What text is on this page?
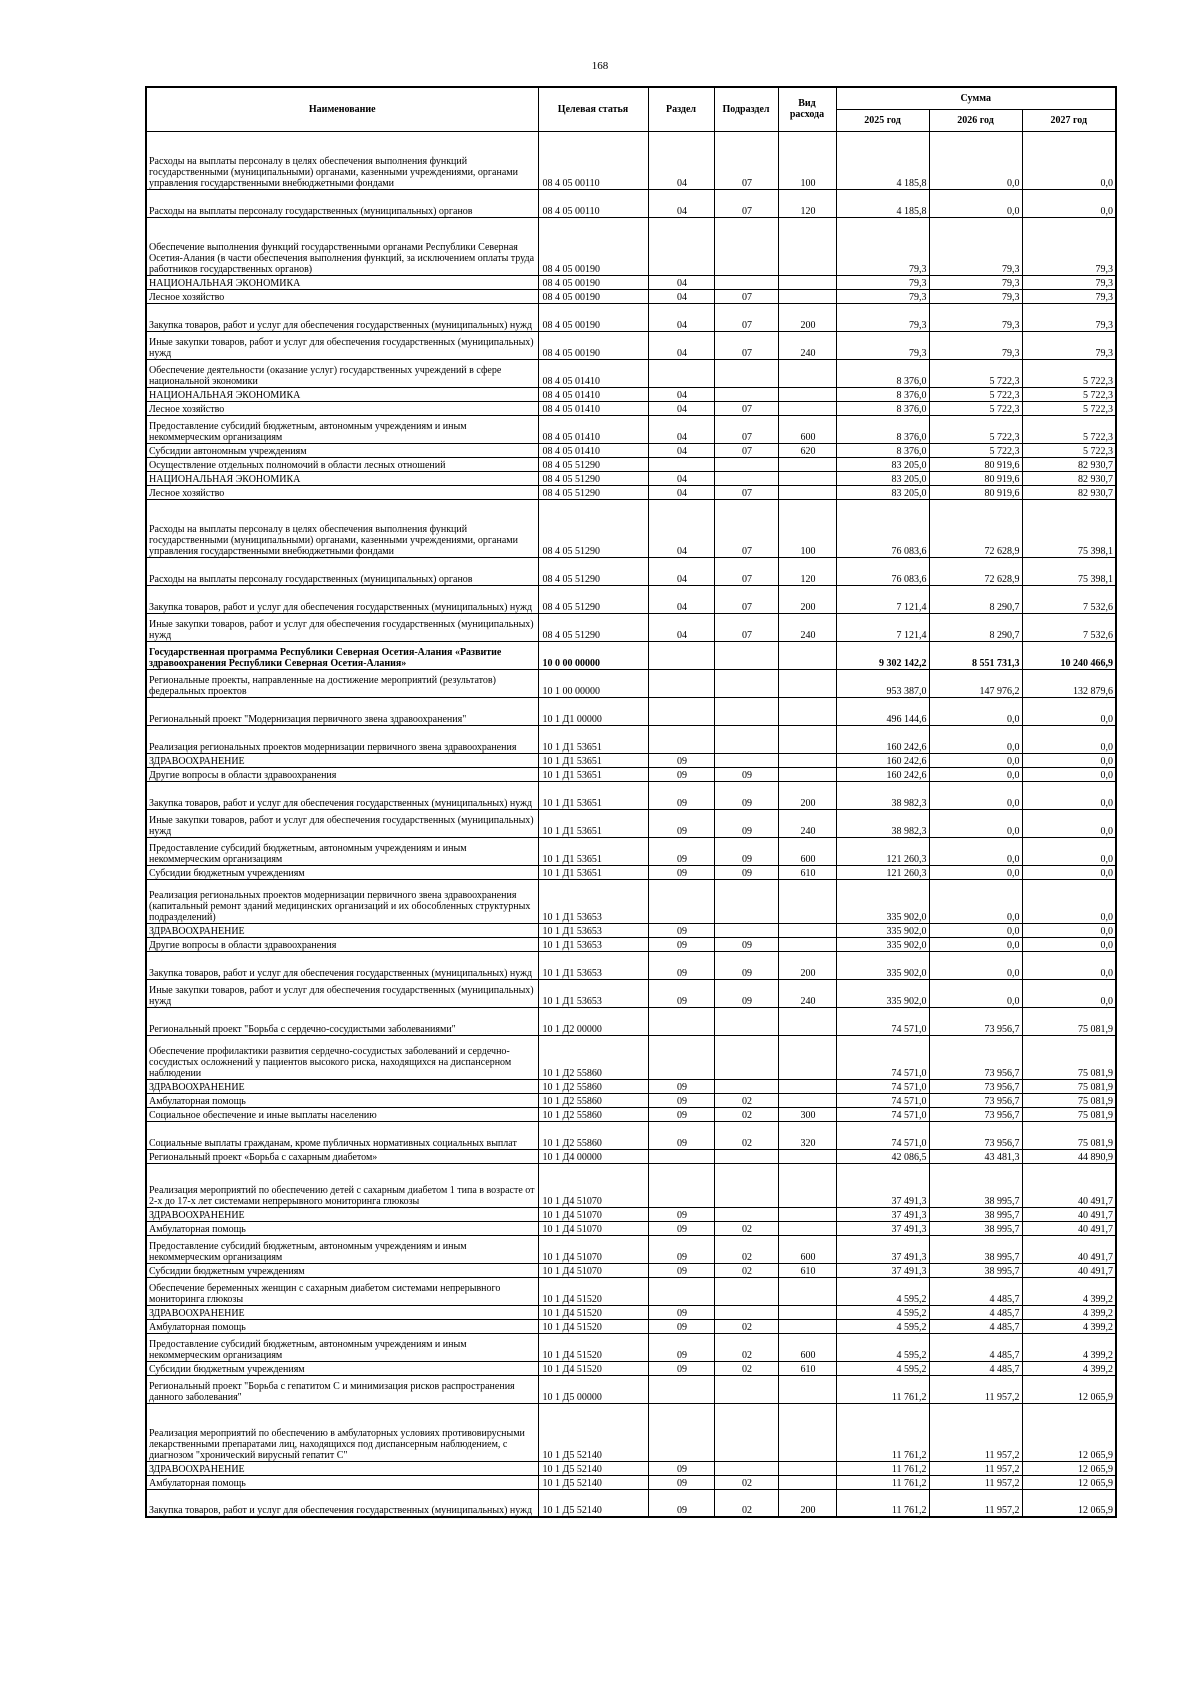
168
Наименование	Целевая статья	Раздел	Подраздел	Вид расхода	Сумма		
					2025 год	2026 год	2027 год
Расходы на выплаты персоналу в целях обеспечения выполнения функций государственными (муниципальными) органами, казенными учреждениями, органами управления государственными внебюджетными фондами	08 4 05 00110	04	07	100	4 185,8	0,0	0,0
Расходы на выплаты персоналу государственных (муниципальных) органов	08 4 05 00110	04	07	120	4 185,8	0,0	0,0
Обеспечение выполнения функций государственными органами Республики Северная Осетия-Алания (в части обеспечения выполнения функций, за исключением оплаты труда работников государственных органов)	08 4 05 00190				79,3	79,3	79,3
НАЦИОНАЛЬНАЯ ЭКОНОМИКА	08 4 05 00190	04			79,3	79,3	79,3
Лесное хозяйство	08 4 05 00190	04	07		79,3	79,3	79,3
Закупка товаров, работ и услуг для обеспечения государственных (муниципальных) нужд	08 4 05 00190	04	07	200	79,3	79,3	79,3
Иные закупки товаров, работ и услуг для обеспечения государственных (муниципальных) нужд	08 4 05 00190	04	07	240	79,3	79,3	79,3
Обеспечение деятельности (оказание услуг) государственных учреждений в сфере национальной экономики	08 4 05 01410				8 376,0	5 722,3	5 722,3
НАЦИОНАЛЬНАЯ ЭКОНОМИКА	08 4 05 01410	04			8 376,0	5 722,3	5 722,3
Лесное хозяйство	08 4 05 01410	04	07		8 376,0	5 722,3	5 722,3
Предоставление субсидий бюджетным, автономным учреждениям и иным некоммерческим организациям	08 4 05 01410	04	07	600	8 376,0	5 722,3	5 722,3
Субсидии автономным учреждениям	08 4 05 01410	04	07	620	8 376,0	5 722,3	5 722,3
Осуществление отдельных полномочий в области лесных отношений	08 4 05 51290				83 205,0	80 919,6	82 930,7
НАЦИОНАЛЬНАЯ ЭКОНОМИКА	08 4 05 51290	04			83 205,0	80 919,6	82 930,7
Лесное хозяйство	08 4 05 51290	04	07		83 205,0	80 919,6	82 930,7
Расходы на выплаты персоналу в целях обеспечения выполнения функций государственными (муниципальными) органами, казенными учреждениями, органами управления государственными внебюджетными фондами	08 4 05 51290	04	07	100	76 083,6	72 628,9	75 398,1
Расходы на выплаты персоналу государственных (муниципальных) органов	08 4 05 51290	04	07	120	76 083,6	72 628,9	75 398,1
Закупка товаров, работ и услуг для обеспечения государственных (муниципальных) нужд	08 4 05 51290	04	07	200	7 121,4	8 290,7	7 532,6
Иные закупки товаров, работ и услуг для обеспечения государственных (муниципальных) нужд	08 4 05 51290	04	07	240	7 121,4	8 290,7	7 532,6
Государственная программа Республики Северная Осетия-Алания «Развитие здравоохранения Республики Северная Осетия-Алания»	10 0 00 00000				9 302 142,2	8 551 731,3	10 240 466,9
Региональные проекты, направленные на достижение мероприятий (результатов) федеральных проектов	10 1 00 00000				953 387,0	147 976,2	132 879,6
Региональный проект "Модернизация первичного звена здравоохранения"	10 1 Д1 00000				496 144,6	0,0	0,0
Реализация региональных проектов модернизации первичного звена здравоохранения	10 1 Д1 53651				160 242,6	0,0	0,0
ЗДРАВООХРАНЕНИЕ	10 1 Д1 53651	09			160 242,6	0,0	0,0
Другие вопросы в области здравоохранения	10 1 Д1 53651	09	09		160 242,6	0,0	0,0
Закупка товаров, работ и услуг для обеспечения государственных (муниципальных) нужд	10 1 Д1 53651	09	09	200	38 982,3	0,0	0,0
Иные закупки товаров, работ и услуг для обеспечения государственных (муниципальных) нужд	10 1 Д1 53651	09	09	240	38 982,3	0,0	0,0
Предоставление субсидий бюджетным, автономным учреждениям и иным некоммерческим организациям	10 1 Д1 53651	09	09	600	121 260,3	0,0	0,0
Субсидии бюджетным учреждениям	10 1 Д1 53651	09	09	610	121 260,3	0,0	0,0
Реализация региональных проектов модернизации первичного звена здравоохранения (капитальный ремонт зданий медицинских организаций и их обособленных структурных подразделений)	10 1 Д1 53653				335 902,0	0,0	0,0
ЗДРАВООХРАНЕНИЕ	10 1 Д1 53653	09			335 902,0	0,0	0,0
Другие вопросы в области здравоохранения	10 1 Д1 53653	09	09		335 902,0	0,0	0,0
Закупка товаров, работ и услуг для обеспечения государственных (муниципальных) нужд	10 1 Д1 53653	09	09	200	335 902,0	0,0	0,0
Иные закупки товаров, работ и услуг для обеспечения государственных (муниципальных) нужд	10 1 Д1 53653	09	09	240	335 902,0	0,0	0,0
Региональный проект "Борьба с сердечно-сосудистыми заболеваниями"	10 1 Д2 00000				74 571,0	73 956,7	75 081,9
Обеспечение профилактики развития сердечно-сосудистых заболеваний и сердечно-сосудистых осложнений у пациентов высокого риска, находящихся на диспансерном наблюдении	10 1 Д2 55860				74 571,0	73 956,7	75 081,9
ЗДРАВООХРАНЕНИЕ	10 1 Д2 55860	09			74 571,0	73 956,7	75 081,9
Амбулаторная помощь	10 1 Д2 55860	09	02		74 571,0	73 956,7	75 081,9
Социальное обеспечение и иные выплаты населению	10 1 Д2 55860	09	02	300	74 571,0	73 956,7	75 081,9
Социальные выплаты гражданам, кроме публичных нормативных социальных выплат	10 1 Д2 55860	09	02	320	74 571,0	73 956,7	75 081,9
Региональный проект «Борьба с сахарным диабетом»	10 1 Д4 00000				42 086,5	43 481,3	44 890,9
Реализация мероприятий по обеспечению детей с сахарным диабетом 1 типа в возрасте от 2-х до 17-х лет системами непрерывного мониторинга глюкозы	10 1 Д4 51070				37 491,3	38 995,7	40 491,7
ЗДРАВООХРАНЕНИЕ	10 1 Д4 51070	09			37 491,3	38 995,7	40 491,7
Амбулаторная помощь	10 1 Д4 51070	09	02		37 491,3	38 995,7	40 491,7
Предоставление субсидий бюджетным, автономным учреждениям и иным некоммерческим организациям	10 1 Д4 51070	09	02	600	37 491,3	38 995,7	40 491,7
Субсидии бюджетным учреждениям	10 1 Д4 51070	09	02	610	37 491,3	38 995,7	40 491,7
Обеспечение беременных женщин с сахарным диабетом системами непрерывного мониторинга глюкозы	10 1 Д4 51520				4 595,2	4 485,7	4 399,2
ЗДРАВООХРАНЕНИЕ	10 1 Д4 51520	09			4 595,2	4 485,7	4 399,2
Амбулаторная помощь	10 1 Д4 51520	09	02		4 595,2	4 485,7	4 399,2
Предоставление субсидий бюджетным, автономным учреждениям и иным некоммерческим организациям	10 1 Д4 51520	09	02	600	4 595,2	4 485,7	4 399,2
Субсидии бюджетным учреждениям	10 1 Д4 51520	09	02	610	4 595,2	4 485,7	4 399,2
Региональный проект "Борьба с гепатитом С и минимизация рисков распространения данного заболевания"	10 1 Д5 00000				11 761,2	11 957,2	12 065,9
Реализация мероприятий по обеспечению в амбулаторных условиях противовирусными лекарственными препаратами лиц, находящихся под диспансерным наблюдением, с диагнозом "хронический вирусный гепатит С"	10 1 Д5 52140				11 761,2	11 957,2	12 065,9
ЗДРАВООХРАНЕНИЕ	10 1 Д5 52140	09			11 761,2	11 957,2	12 065,9
Амбулаторная помощь	10 1 Д5 52140	09	02		11 761,2	11 957,2	12 065,9
Закупка товаров, работ и услуг для обеспечения государственных (муниципальных) нужд	10 1 Д5 52140	09	02	200	11 761,2	11 957,2	12 065,9
